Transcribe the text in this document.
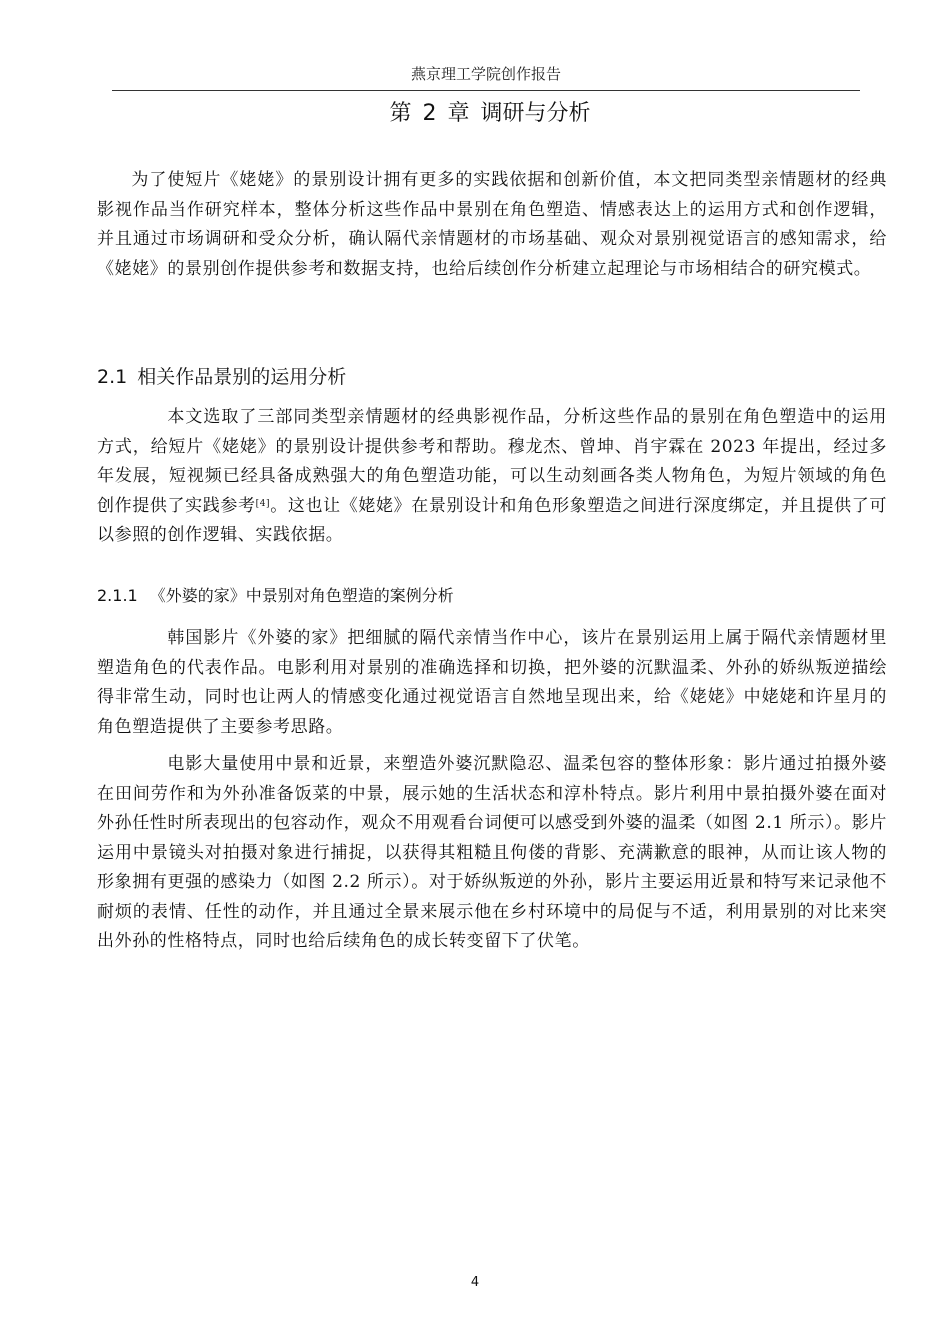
燕京理工学院创作报告
第 2 章 调研与分析
为了使短片《姥姥》的景别设计拥有更多的实践依据和创新价值，本文把同类型亲情题材的经典影视作品当作研究样本，整体分析这些作品中景别在角色塑造、情感表达上的运用方式和创作逻辑，并且通过市场调研和受众分析，确认隔代亲情题材的市场基础、观众对景别视觉语言的感知需求，给《姥姥》的景别创作提供参考和数据支持，也给后续创作分析建立起理论与市场相结合的研究模式。
2.1 相关作品景别的运用分析
本文选取了三部同类型亲情题材的经典影视作品，分析这些作品的景别在角色塑造中的运用方式，给短片《姥姥》的景别设计提供参考和帮助。穆龙杰、曾坤、肖宇霖在 2023 年提出，经过多年发展，短视频已经具备成熟强大的角色塑造功能，可以生动刻画各类人物角色，为短片领域的角色创作提供了实践参考[4]。这也让《姥姥》在景别设计和角色形象塑造之间进行深度绑定，并且提供了可以参照的创作逻辑、实践依据。
2.1.1 《外婆的家》中景别对角色塑造的案例分析
韩国影片《外婆的家》把细腻的隔代亲情当作中心，该片在景别运用上属于隔代亲情题材里塑造角色的代表作品。电影利用对景别的准确选择和切换，把外婆的沉默温柔、外孙的娇纵叛逆描绘得非常生动，同时也让两人的情感变化通过视觉语言自然地呈现出来，给《姥姥》中姥姥和许星月的角色塑造提供了主要参考思路。
电影大量使用中景和近景，来塑造外婆沉默隐忍、温柔包容的整体形象：影片通过拍摄外婆在田间劳作和为外孙准备饭菜的中景，展示她的生活状态和淳朴特点。影片利用中景拍摄外婆在面对外孙任性时所表现出的包容动作，观众不用观看台词便可以感受到外婆的温柔（如图 2.1 所示）。影片运用中景镜头对拍摄对象进行捕捉，以获得其粗糙且佝偻的背影、充满歉意的眼神，从而让该人物的形象拥有更强的感染力（如图 2.2 所示）。对于娇纵叛逆的外孙，影片主要运用近景和特写来记录他不耐烦的表情、任性的动作，并且通过全景来展示他在乡村环境中的局促与不适，利用景别的对比来突出外孙的性格特点，同时也给后续角色的成长转变留下了伏笔。
4
